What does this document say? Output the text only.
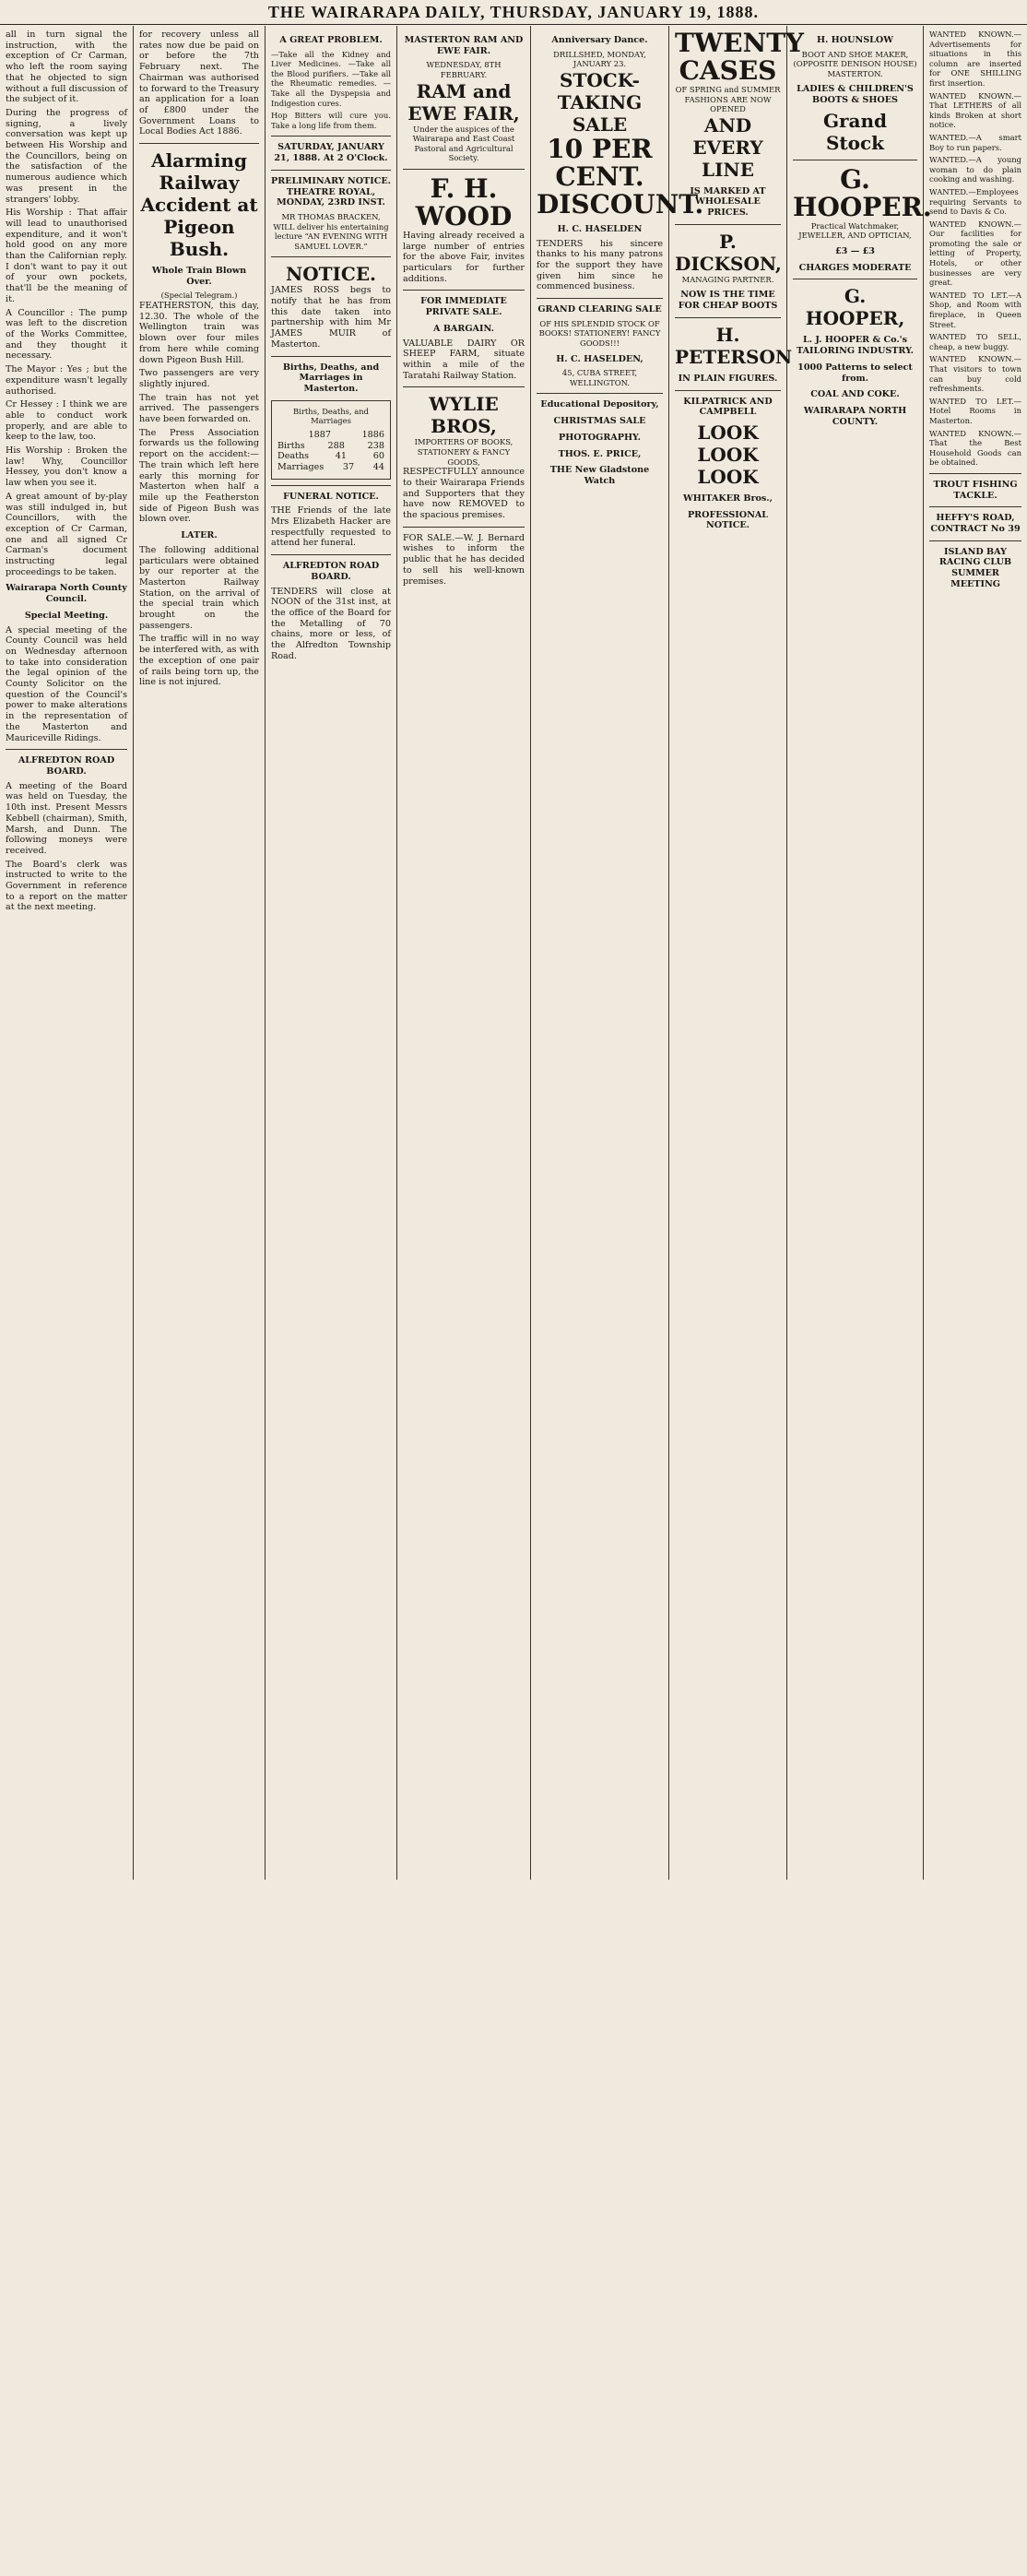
THE WAIRARAPA DAILY, THURSDAY, JANUARY 19, 1888.
all in turn signal the instruction, with the exception of Cr Carman, who left the room saying that he objected to sign without a full discussion of the subject of it.
During the progress of signing, a lively conversation was kept up between His Worship and the Councillors, being on the satisfaction of the numerous audience which was present in the strangers' lobby.
His Worship : That affair will lead to unauthorised expenditure, and it won't hold good on any more than the Californian reply. I don't want to pay it out of your own pockets, that'll be the meaning of it.
A Councillor : The pump was left to the discretion of the Works Committee, and they thought it necessary.
The Mayor : Yes ; but the expenditure wasn't legally authorised.
Cr Hessey : I think we are able to conduct work properly, and are able to keep to the law, too.
His Worship : Broken the law! Why, Councillor Hessey, you don't know a law when you see it.
A great amount of by-play was still indulged in, but Councillors, with the exception of Cr Carman, one and all signed Cr Carman's document instructing legal proceedings to be taken.
Wairarapa North County Council.
Special Meeting.
A special meeting of the County Council was held on Wednesday afternoon to take into consideration the legal opinion of the County Solicitor on the question of the Council's power to make alterations in the representation of the Masterton and Mauriceville Ridings.
ALFREDTON ROAD BOARD.
A meeting of the Board was held on Tuesday, the 10th inst. Present Messrs Kebbell (chairman), Smith, Marsh, and Dunn. The following moneys were received.
The Board's clerk was instructed to write to the Government in reference to a report on the matter at the next meeting.
for recovery unless all rates now due be paid on or before the 7th February next. The Chairman was authorised to forward to the Treasury an application for a loan of £800 under the Government Loans to Local Bodies Act 1886.
Alarming Railway Accident at Pigeon Bush.
Whole Train Blown Over.
(Special Telegram.)
FEATHERSTON, this day, 12.30. The whole of the Wellington train was blown over four miles from here while coming down Pigeon Bush Hill.
Two passengers are very slightly injured.
The train has not yet arrived. The passengers have been forwarded on.
The Press Association forwards us the following report on the accident:— The train which left here early this morning for Masterton when half a mile up the Featherston side of Pigeon Bush was blown over.
LATER.
The following additional particulars were obtained by our reporter at the Masterton Railway Station, on the arrival of the special train which brought on the passengers.
The traffic will in no way be interfered with, as with the exception of one pair of rails being torn up, the line is not injured.
A GREAT PROBLEM.
—Take all the Kidney and Liver Medicines. —Take all the Blood purifiers. —Take all the Rheumatic remedies. —Take all the Dyspepsia and Indigestion cures.
Hop Bitters will cure you. Take a long life from them.
SATURDAY, JANUARY 21, 1888. At 2 O'Clock.
PRELIMINARY NOTICE. THEATRE ROYAL, MONDAY, 23RD INST.
MR THOMAS BRACKEN, WILL deliver his entertaining lecture “AN EVENING WITH SAMUEL LOVER.”
NOTICE.
JAMES ROSS begs to notify that he has from this date taken into partnership with him Mr JAMES MUIR of Masterton.
Births, Deaths, and Marriages in Masterton.
Births, Deaths, and Marriages
1887	1886
Births	288	238
Deaths	41	60
Marriages 37 44
FUNERAL NOTICE.
THE Friends of the late Mrs Elizabeth Hacker are respectfully requested to attend her funeral.
ALFREDTON ROAD BOARD.
TENDERS will close at NOON of the 31st inst, at the office of the Board for the Metalling of 70 chains, more or less, of the Alfredton Township Road.
MASTERTON RAM AND EWE FAIR.
WEDNESDAY, 8TH FEBRUARY.
RAM and EWE FAIR,
Under the auspices of the Wairarapa and East Coast Pastoral and Agricultural Society.
F. H. WOOD
Having already received a large number of entries for the above Fair, invites particulars for further additions.
FOR IMMEDIATE PRIVATE SALE.
A BARGAIN.
VALUABLE DAIRY OR SHEEP FARM, situate within a mile of the Taratahi Railway Station.
WYLIE BROS,
IMPORTERS OF BOOKS, STATIONERY & FANCY GOODS,
RESPECTFULLY announce to their Wairarapa Friends and Supporters that they have now REMOVED to the spacious premises.
FOR SALE.—W. J. Bernard wishes to inform the public that he has decided to sell his well-known premises.
Anniversary Dance.
DRILLSHED, MONDAY, JANUARY 23.
STOCK-TAKING SALE
10 PER CENT. DISCOUNT.
H. C. HASELDEN
TENDERS his sincere thanks to his many patrons for the support they have given him since he commenced business.
GRAND CLEARING SALE
OF HIS SPLENDID STOCK OF BOOKS! STATIONERY! FANCY GOODS!!!
H. C. HASELDEN,
45, CUBA STREET, WELLINGTON.
Educational Depository,
CHRISTMAS SALE
PHOTOGRAPHY.
THOS. E. PRICE,
THE New Gladstone Watch
TWENTY CASES
OF SPRING and SUMMER FASHIONS ARE NOW OPENED
AND EVERY LINE
IS MARKED AT WHOLESALE PRICES.
P. DICKSON,
MANAGING PARTNER.
NOW IS THE TIME FOR CHEAP BOOTS
H. PETERSON
IN PLAIN FIGURES.
KILPATRICK AND CAMPBELL
LOOK LOOK LOOK
WHITAKER Bros.,
PROFESSIONAL NOTICE.
H. HOUNSLOW
BOOT AND SHOE MAKER, (OPPOSITE DENISON HOUSE) MASTERTON.
LADIES & CHILDREN'S BOOTS & SHOES
Grand Stock
G. HOOPER.
Practical Watchmaker, JEWELLER, AND OPTICIAN,
£3 — £3
CHARGES MODERATE
G. HOOPER,
L. J. HOOPER & Co.'s TAILORING INDUSTRY.
1000 Patterns to select from.
COAL AND COKE.
WAIRARAPA NORTH COUNTY.
WANTED KNOWN.—Advertisements for situations in this column are inserted for ONE SHILLING first insertion.
WANTED KNOWN.—That LETHERS of all kinds Broken at short notice.
WANTED.—A smart Boy to run papers.
WANTED.—A young woman to do plain cooking and washing.
WANTED.—Employees requiring Servants to send to Davis & Co.
WANTED KNOWN.—Our facilities for promoting the sale or letting of Property, Hotels, or other businesses are very great.
WANTED TO LET.—A Shop, and Room with fireplace, in Queen Street.
WANTED TO SELL, cheap, a new buggy.
WANTED KNOWN.—That visitors to town can buy cold refreshments.
WANTED TO LET.—Hotel Rooms in Masterton.
WANTED KNOWN.—That the Best Household Goods can be obtained.
TROUT FISHING TACKLE.
HEFFY'S ROAD, CONTRACT No 39
ISLAND BAY RACING CLUB SUMMER MEETING
